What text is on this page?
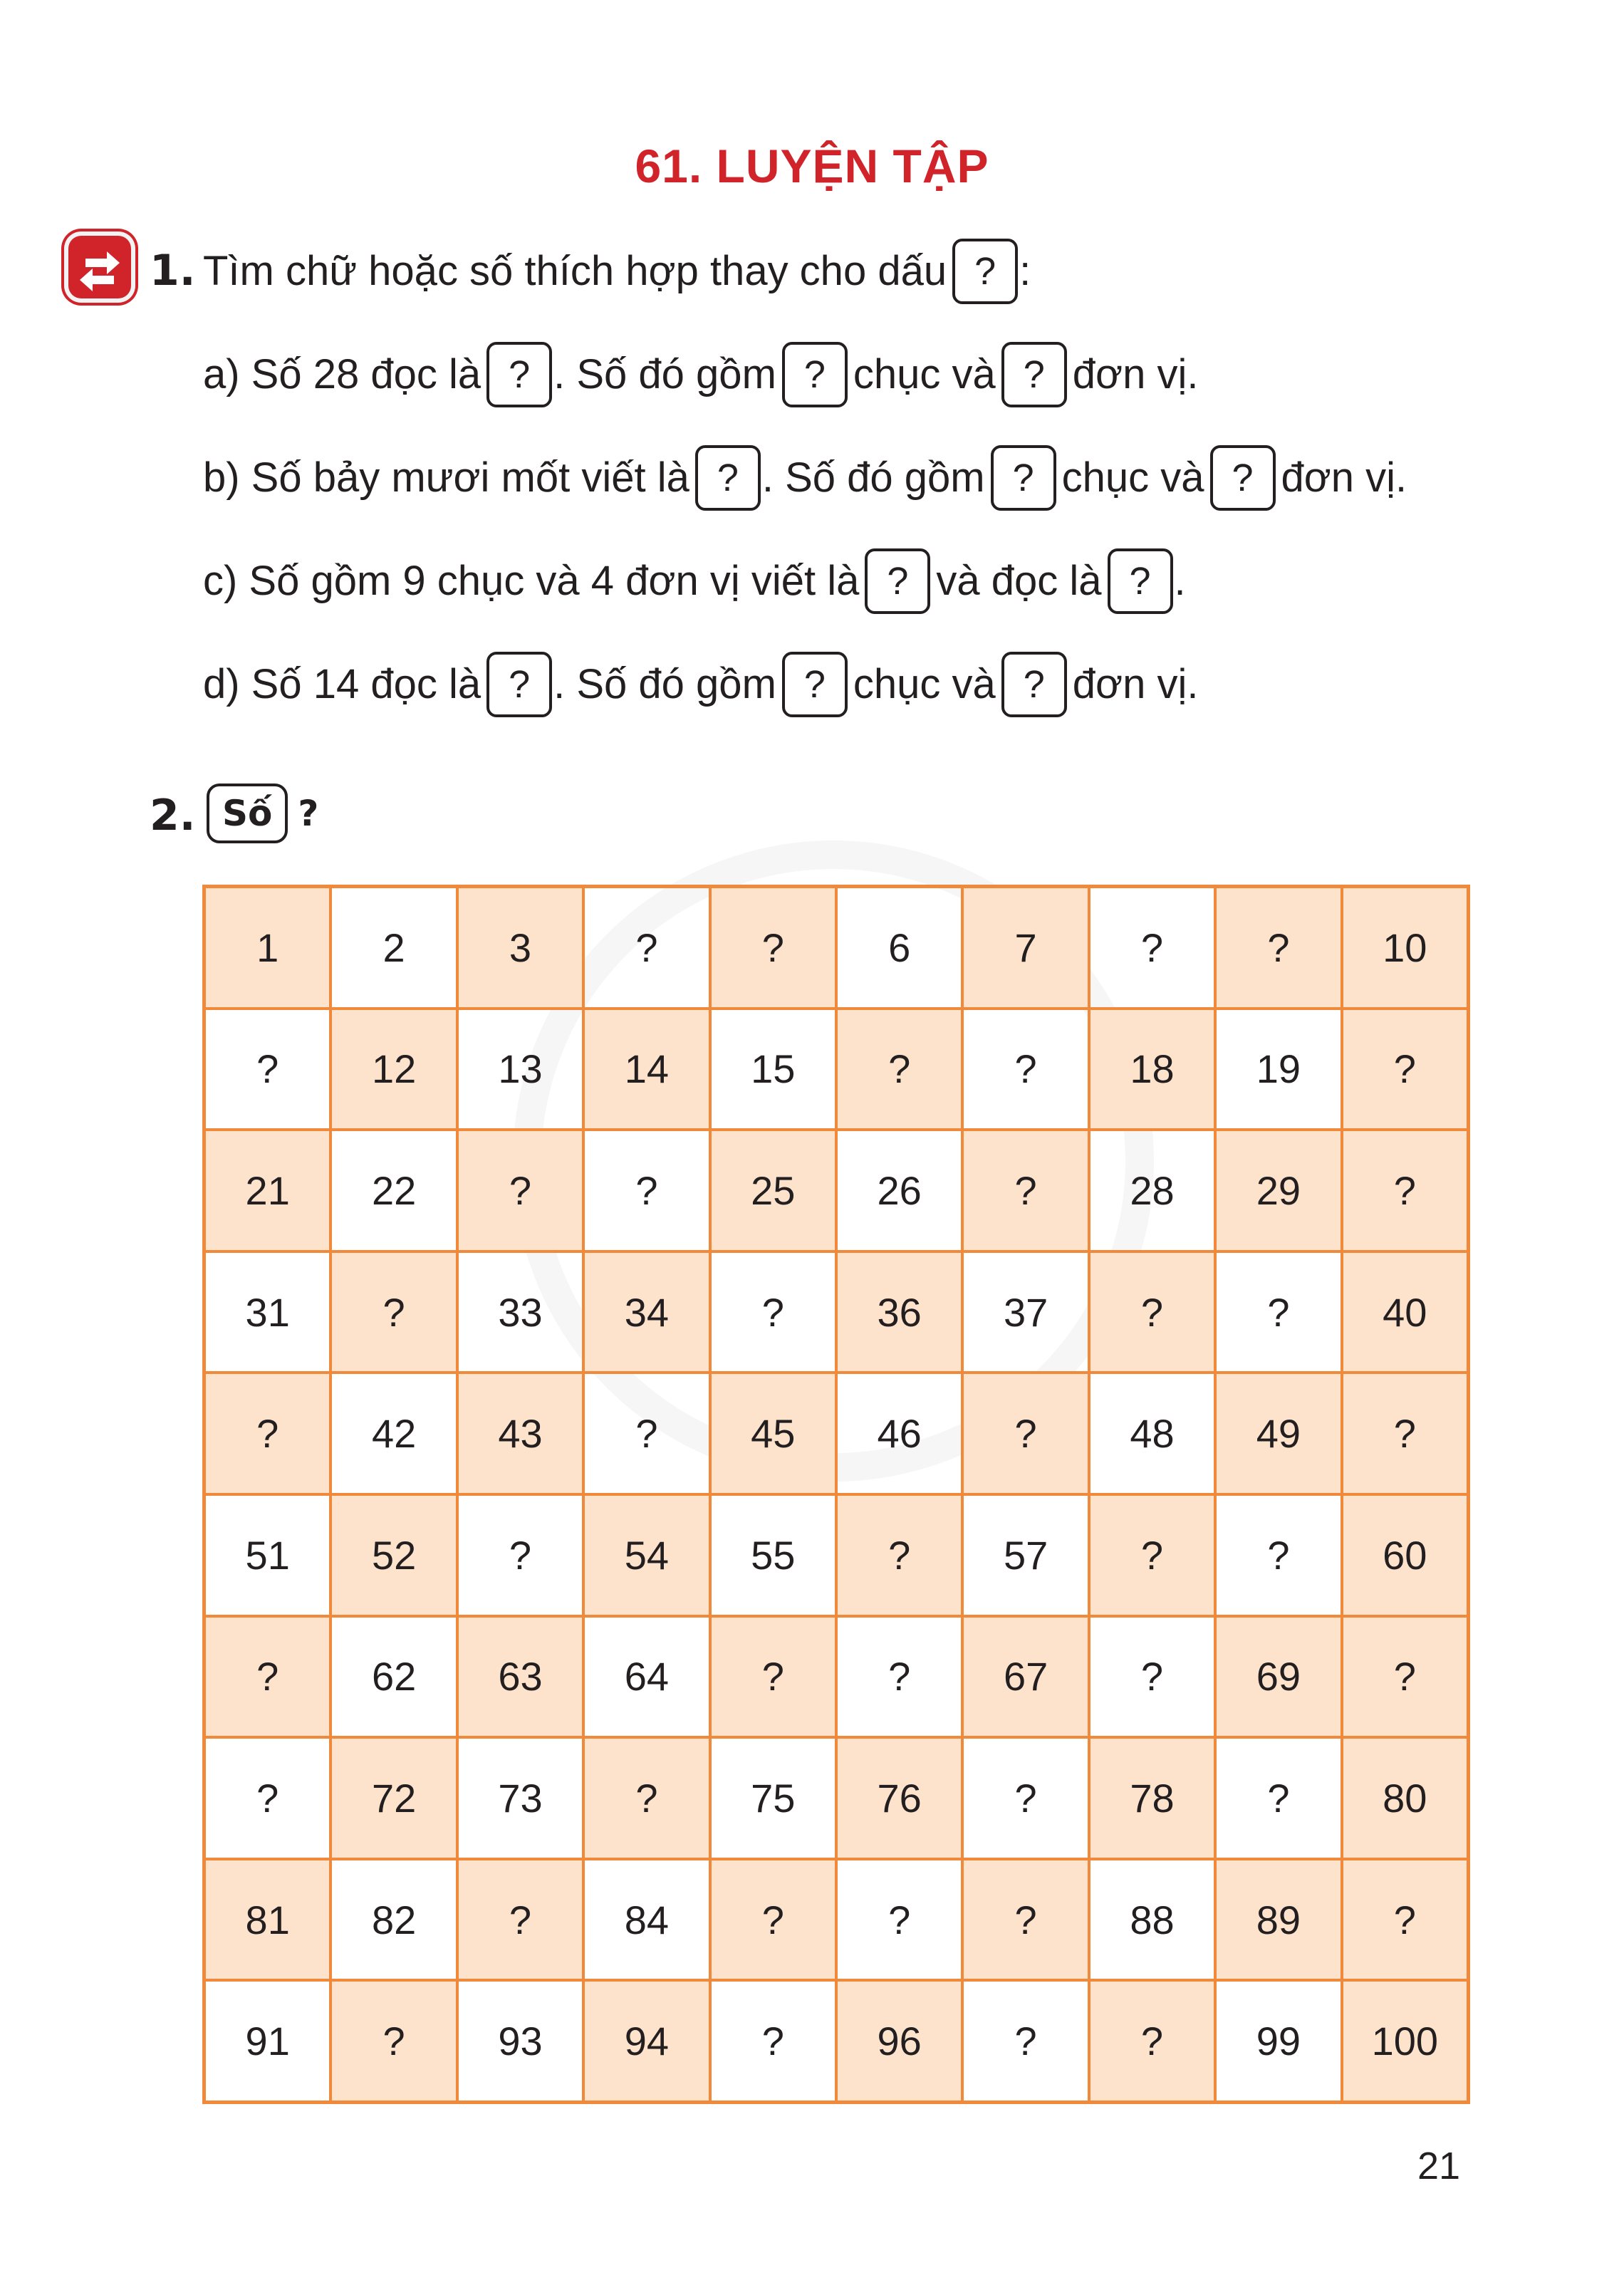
61. LUYỆN TẬP
1. Tìm chữ hoặc số thích hợp thay cho dấu ? :
a) Số 28 đọc là ? . Số đó gồm ? chục và ? đơn vị.
b) Số bảy mươi mốt viết là ? . Số đó gồm ? chục và ? đơn vị.
c) Số gồm 9 chục và 4 đơn vị viết là ? và đọc là ? .
d) Số 14 đọc là ? . Số đó gồm ? chục và ? đơn vị.
2. Số ?
1	2	3	?	?	6	7	?	?	10
?	12	13	14	15	?	?	18	19	?
21	22	?	?	25	26	?	28	29	?
31	?	33	34	?	36	37	?	?	40
?	42	43	?	45	46	?	48	49	?
51	52	?	54	55	?	57	?	?	60
?	62	63	64	?	?	67	?	69	?
?	72	73	?	75	76	?	78	?	80
81	82	?	84	?	?	?	88	89	?
91	?	93	94	?	96	?	?	99	100
21
